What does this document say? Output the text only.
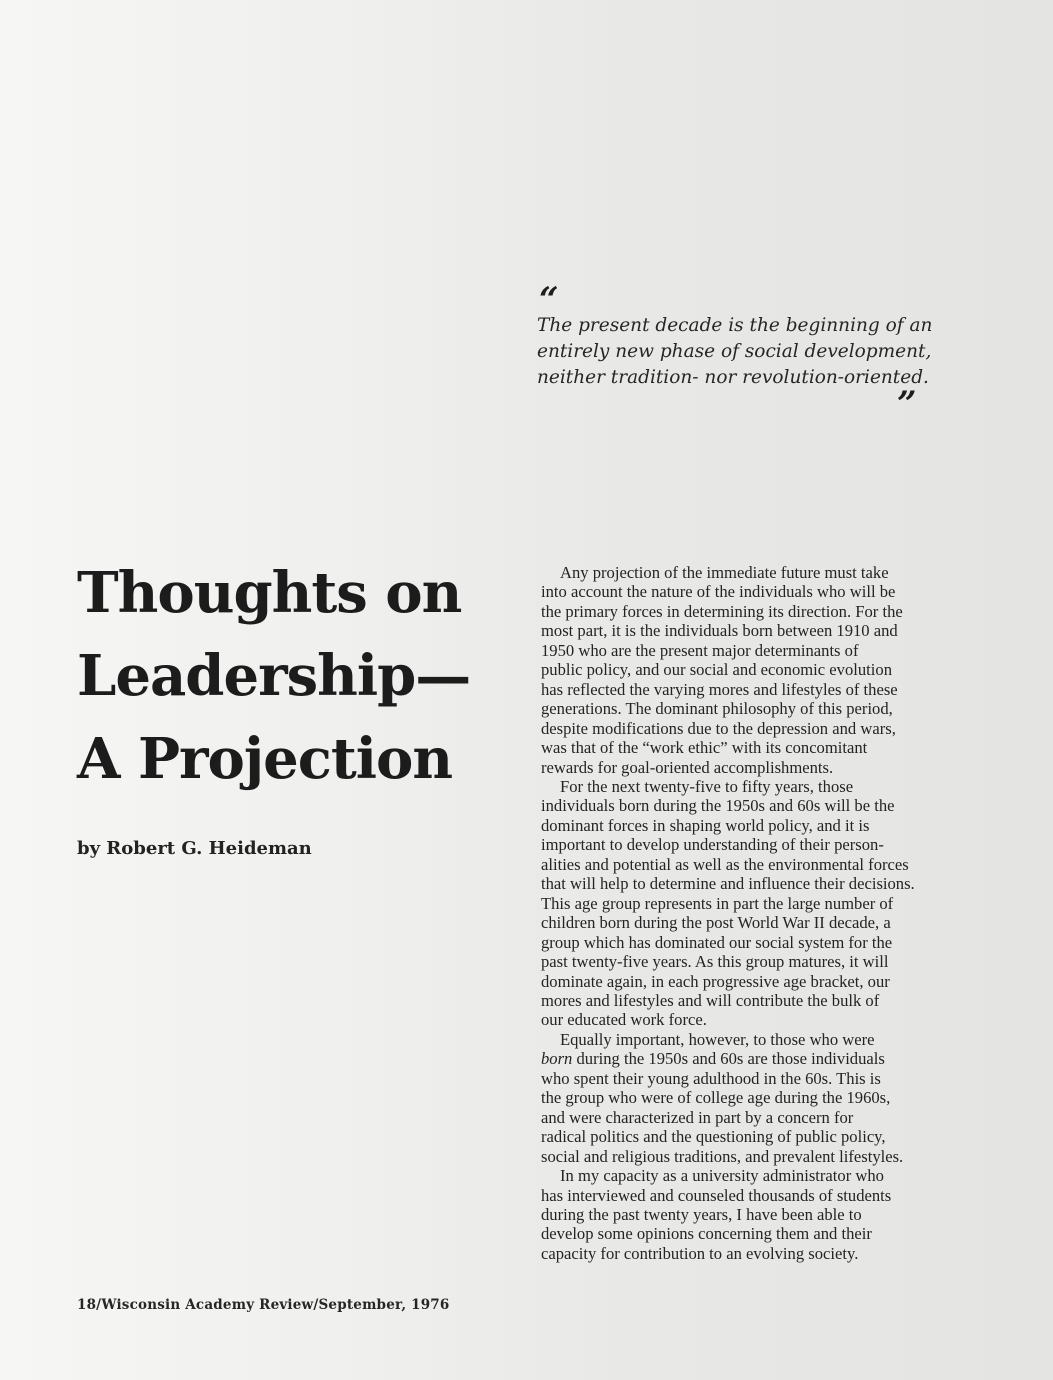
“
The present decade is the beginning of an
entirely new phase of social development,
neither tradition- nor revolution-oriented.
”
Thoughts on
Leadership—
A Projection
by Robert G. Heideman

Any projection of the immediate future must take
into account the nature of the individuals who will be
the primary forces in determining its direction. For the
most part, it is the individuals born between 1910 and
1950 who are the present major determinants of
public policy, and our social and economic evolution
has reflected the varying mores and lifestyles of these
generations. The dominant philosophy of this period,
despite modifications due to the depression and wars,
was that of the “work ethic” with its concomitant
rewards for goal-oriented accomplishments.

For the next twenty-five to fifty years, those
individuals born during the 1950s and 60s will be the
dominant forces in shaping world policy, and it is
important to develop understanding of their person-
alities and potential as well as the environmental forces
that will help to determine and influence their decisions.
This age group represents in part the large number of
children born during the post World War II decade, a
group which has dominated our social system for the
past twenty-five years. As this group matures, it will
dominate again, in each progressive age bracket, our
mores and lifestyles and will contribute the bulk of
our educated work force.

Equally important, however, to those who were
born during the 1950s and 60s are those individuals
who spent their young adulthood in the 60s. This is
the group who were of college age during the 1960s,
and were characterized in part by a concern for
radical politics and the questioning of public policy,
social and religious traditions, and prevalent lifestyles.

In my capacity as a university administrator who
has interviewed and counseled thousands of students
during the past twenty years, I have been able to
develop some opinions concerning them and their
capacity for contribution to an evolving society.

18/Wisconsin Academy Review/September, 1976
